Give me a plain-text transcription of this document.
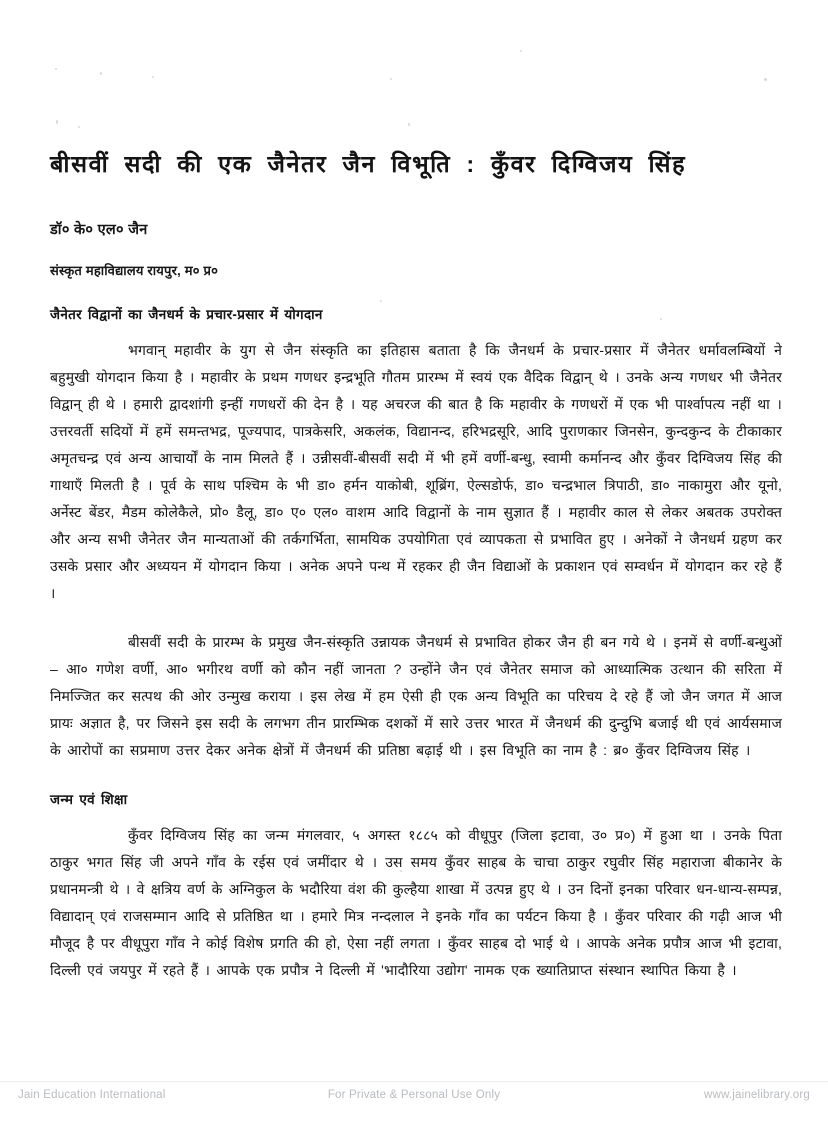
बीसवीं सदी की एक जैनेतर जैन विभूति : कुँवर दिग्विजय सिंह
डॉ० के० एल० जैन
संस्कृत महाविद्यालय रायपुर, म० प्र०
जैनेतर विद्वानों का जैनधर्म के प्रचार-प्रसार में योगदान

भगवान् महावीर के युग से जैन संस्कृति का इतिहास बताता है कि जैनधर्म के प्रचार-प्रसार में जैनेतर धर्मावलम्बियों ने बहुमुखी योगदान किया है । महावीर के प्रथम गणधर इन्द्रभूति गौतम प्रारम्भ में स्वयं एक वैदिक विद्वान् थे । उनके अन्य गणधर भी जैनेतर विद्वान् ही थे । हमारी द्वादशांगी इन्हीं गणधरों की देन है । यह अचरज की बात है कि महावीर के गणधरों में एक भी पार्श्वापत्य नहीं था । उत्तरवर्ती सदियों में हमें समन्तभद्र, पूज्यपाद, पात्रकेसरि, अकलंक, विद्यानन्द, हरिभद्रसूरि, आदि पुराणकार जिनसेन, कुन्दकुन्द के टीकाकार अमृतचन्द्र एवं अन्य आचार्यों के नाम मिलते हैं । उन्नीसवीं-बीसवीं सदी में भी हमें वर्णी-बन्धु, स्वामी कर्मानन्द और कुँवर दिग्विजय सिंह की गाथाएँ मिलती है । पूर्व के साथ पश्चिम के भी डा० हर्मन याकोबी, शूब्रिंग, ऐल्सडोर्फ, डा० चन्द्रभाल त्रिपाठी, डा० नाकामुरा और यूनो, अर्नेस्ट बेंडर, मैडम कोलेकैले, प्रो० डैलू, डा० ए० एल० वाशम आदि विद्वानों के नाम सुज्ञात हैं । महावीर काल से लेकर अबतक उपरोक्त और अन्य सभी जैनेतर जैन मान्यताओं की तर्कगर्भिता, सामयिक उपयोगिता एवं व्यापकता से प्रभावित हुए । अनेकों ने जैनधर्म ग्रहण कर उसके प्रसार और अध्ययन में योगदान किया । अनेक अपने पन्थ में रहकर ही जैन विद्याओं के प्रकाशन एवं सम्वर्धन में योगदान कर रहे हैं ।

बीसवीं सदी के प्रारम्भ के प्रमुख जैन-संस्कृति उन्नायक जैनधर्म से प्रभावित होकर जैन ही बन गये थे । इनमें से वर्णी-बन्धुओं – आ० गणेश वर्णी, आ० भगीरथ वर्णी को कौन नहीं जानता ? उन्होंने जैन एवं जैनेतर समाज को आध्यात्मिक उत्थान की सरिता में निमज्जित कर सत्पथ की ओर उन्मुख कराया । इस लेख में हम ऐसी ही एक अन्य विभूति का परिचय दे रहे हैं जो जैन जगत में आज प्रायः अज्ञात है, पर जिसने इस सदी के लगभग तीन प्रारम्भिक दशकों में सारे उत्तर भारत में जैनधर्म की दुन्दुभि बजाई थी एवं आर्यसमाज के आरोपों का सप्रमाण उत्तर देकर अनेक क्षेत्रों में जैनधर्म की प्रतिष्ठा बढ़ाई थी । इस विभूति का नाम है : ब्र० कुँवर दिग्विजय सिंह ।

जन्म एवं शिक्षा

कुँवर दिग्विजय सिंह का जन्म मंगलवार, ५ अगस्त १८८५ को वीधूपुर (जिला इटावा, उ० प्र०) में हुआ था । उनके पिता ठाकुर भगत सिंह जी अपने गाँव के रईस एवं जमींदार थे । उस समय कुँवर साहब के चाचा ठाकुर रघुवीर सिंह महाराजा बीकानेर के प्रधानमन्त्री थे । वे क्षत्रिय वर्ण के अग्निकुल के भदौरिया वंश की कुल्हैया शाखा में उत्पन्न हुए थे । उन दिनों इनका परिवार धन-धान्य-सम्पन्न, विद्यादान् एवं राजसम्मान आदि से प्रतिष्ठित था । हमारे मित्र नन्दलाल ने इनके गाँव का पर्यटन किया है । कुँवर परिवार की गढ़ी आज भी मौजूद है पर वीधूपुरा गाँव ने कोई विशेष प्रगति की हो, ऐसा नहीं लगता । कुँवर साहब दो भाई थे । आपके अनेक प्रपौत्र आज भी इटावा, दिल्ली एवं जयपुर में रहते हैं । आपके एक प्रपौत्र ने दिल्ली में 'भादौरिया उद्योग' नामक एक ख्यातिप्राप्त संस्थान स्थापित किया है ।

Jain Education International	For Private & Personal Use Only	www.jainelibrary.org
